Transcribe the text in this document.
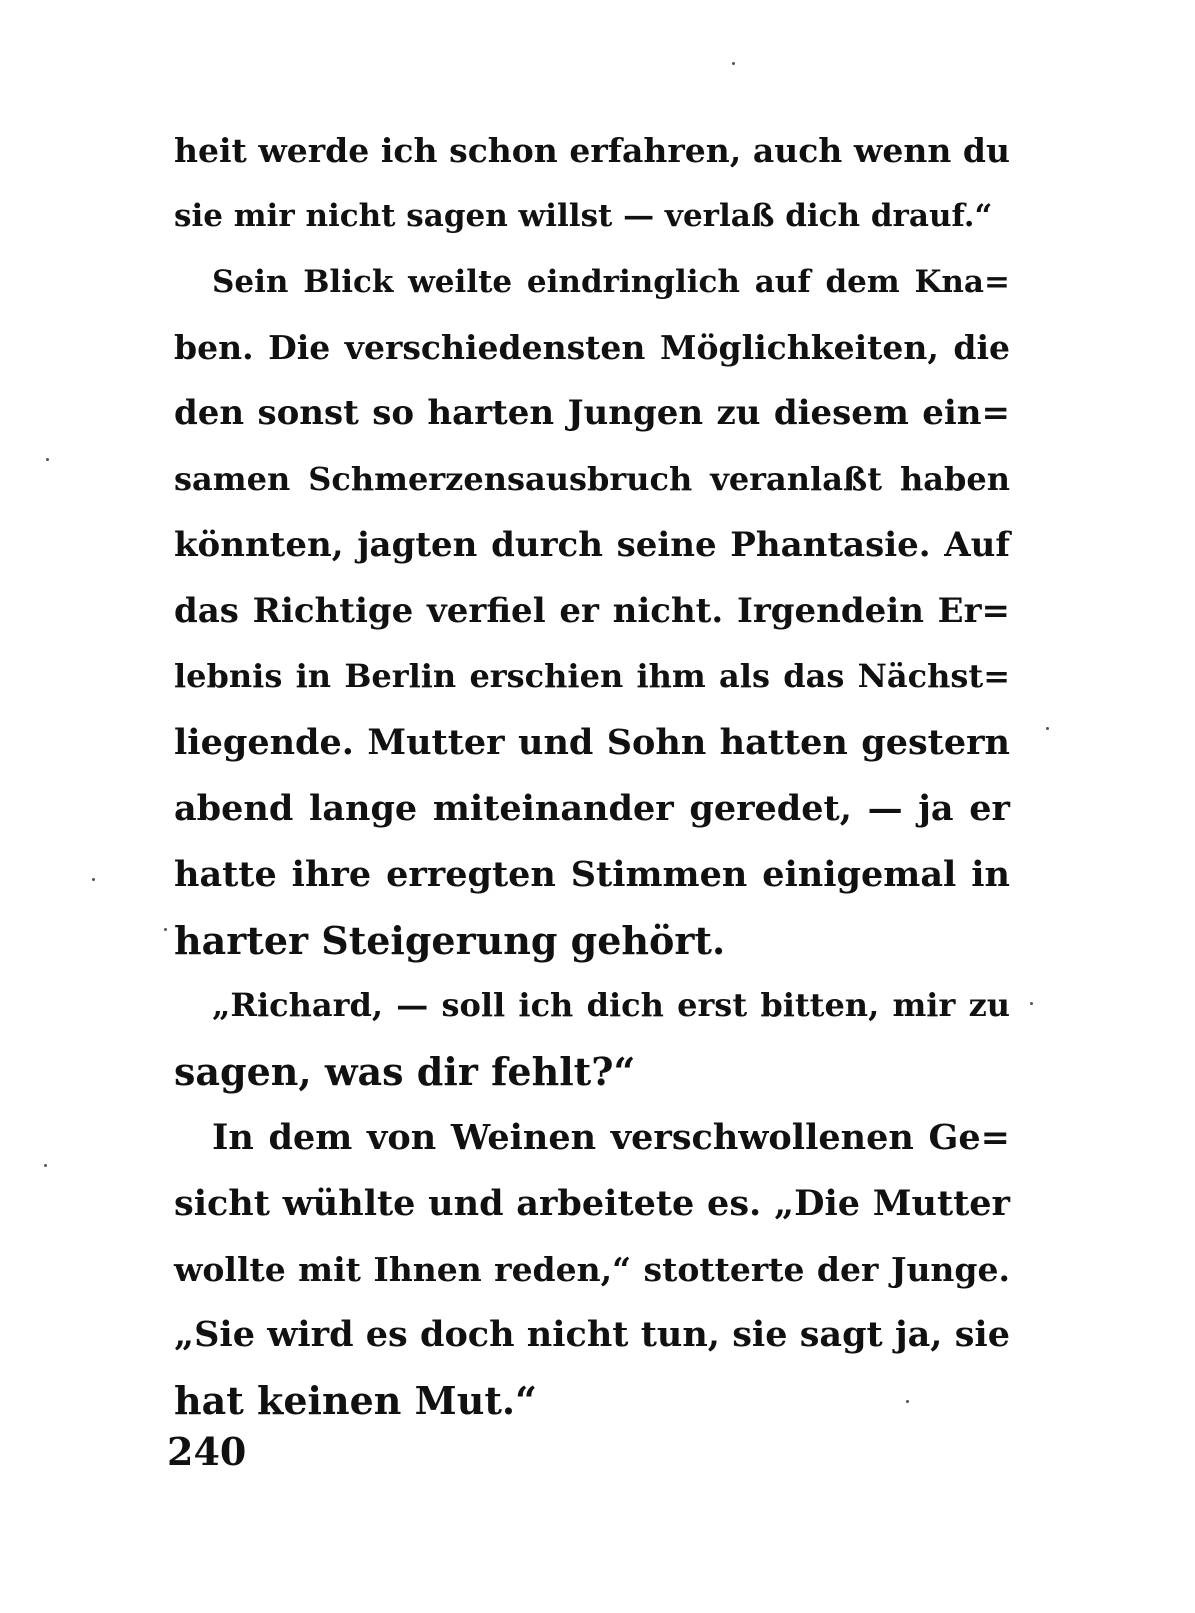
heit werde ich schon erfahren, auch wenn du
sie mir nicht sagen willst — verlaß dich drauf.“
Sein Blick weilte eindringlich auf dem Kna=
ben. Die verschiedensten Möglichkeiten, die
den sonst so harten Jungen zu diesem ein=
samen Schmerzensausbruch veranlaßt haben
könnten, jagten durch seine Phantasie. Auf
das Richtige verfiel er nicht. Irgendein Er=
lebnis in Berlin erschien ihm als das Nächst=
liegende. Mutter und Sohn hatten gestern
abend lange miteinander geredet, — ja er
hatte ihre erregten Stimmen einigemal in
harter Steigerung gehört.
„Richard, — soll ich dich erst bitten, mir zu
sagen, was dir fehlt?“
In dem von Weinen verschwollenen Ge=
sicht wühlte und arbeitete es. „Die Mutter
wollte mit Ihnen reden,“ stotterte der Junge.
„Sie wird es doch nicht tun, sie sagt ja, sie
hat keinen Mut.“
240
